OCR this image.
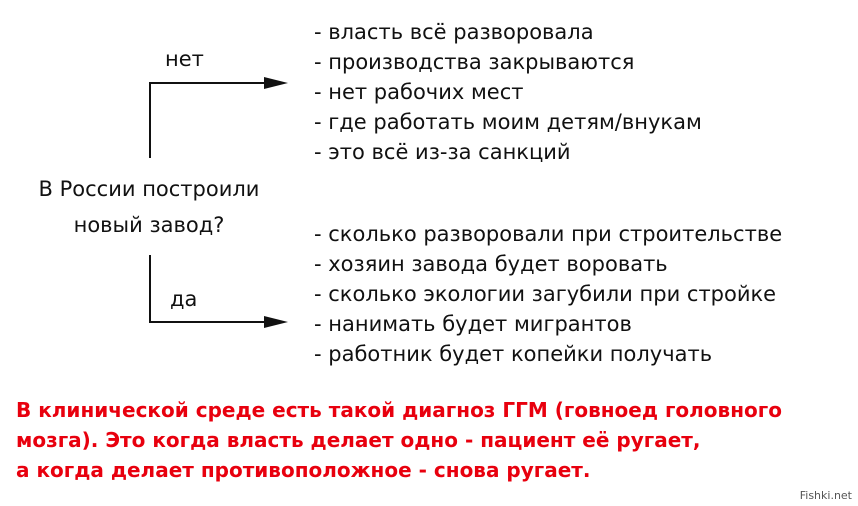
В России построили
новый завод?
нет
да
- власть всё разворовала
- производства закрываются
- нет рабочих мест
- где работать моим детям/внукам
- это всё из-за санкций
- сколько разворовали при строительстве
- хозяин завода будет воровать
- сколько экологии загубили при стройке
- нанимать будет мигрантов
- работник будет копейки получать
В клинической среде есть такой диагноз ГГМ (говноед головного
мозга). Это когда власть делает одно - пациент её ругает,
а когда делает противоположное - снова ругает.
Fishki.net
